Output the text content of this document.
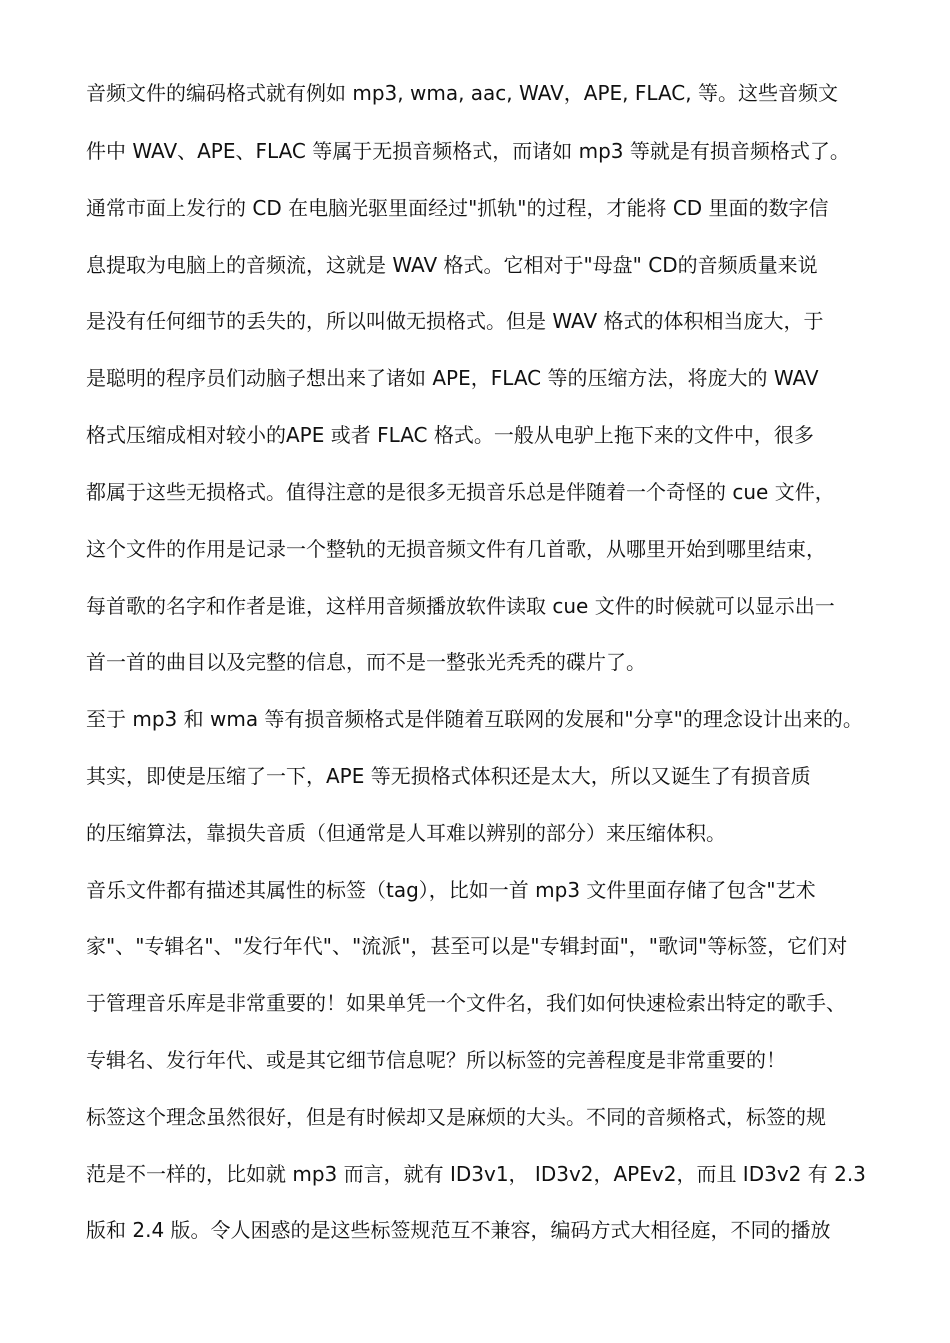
音频文件的编码格式就有例如 mp3, wma, aac, WAV，APE, FLAC, 等。这些音频文
件中 WAV、APE、FLAC 等属于无损音频格式，而诸如 mp3 等就是有损音频格式了。
通常市面上发行的 CD 在电脑光驱里面经过"抓轨"的过程，才能将 CD 里面的数字信
息提取为电脑上的音频流，这就是 WAV 格式。它相对于"母盘" CD的音频质量来说
是没有任何细节的丢失的，所以叫做无损格式。但是 WAV 格式的体积相当庞大，于
是聪明的程序员们动脑子想出来了诸如 APE，FLAC 等的压缩方法，将庞大的 WAV
格式压缩成相对较小的APE 或者 FLAC 格式。一般从电驴上拖下来的文件中，很多
都属于这些无损格式。值得注意的是很多无损音乐总是伴随着一个奇怪的 cue 文件，
这个文件的作用是记录一个整轨的无损音频文件有几首歌，从哪里开始到哪里结束，
每首歌的名字和作者是谁，这样用音频播放软件读取 cue 文件的时候就可以显示出一
首一首的曲目以及完整的信息，而不是一整张光秃秃的碟片了。
至于 mp3 和 wma 等有损音频格式是伴随着互联网的发展和"分享"的理念设计出来的。
其实，即使是压缩了一下，APE 等无损格式体积还是太大，所以又诞生了有损音质
的压缩算法，靠损失音质（但通常是人耳难以辨别的部分）来压缩体积。
音乐文件都有描述其属性的标签（tag），比如一首 mp3 文件里面存储了包含"艺术
家"、"专辑名"、"发行年代"、"流派"，甚至可以是"专辑封面"，"歌词"等标签，它们对
于管理音乐库是非常重要的！如果单凭一个文件名，我们如何快速检索出特定的歌手、
专辑名、发行年代、或是其它细节信息呢？所以标签的完善程度是非常重要的！
标签这个理念虽然很好，但是有时候却又是麻烦的大头。不同的音频格式，标签的规
范是不一样的，比如就 mp3 而言，就有 ID3v1， ID3v2，APEv2，而且 ID3v2 有 2.3
版和 2.4 版。令人困惑的是这些标签规范互不兼容，编码方式大相径庭，不同的播放
